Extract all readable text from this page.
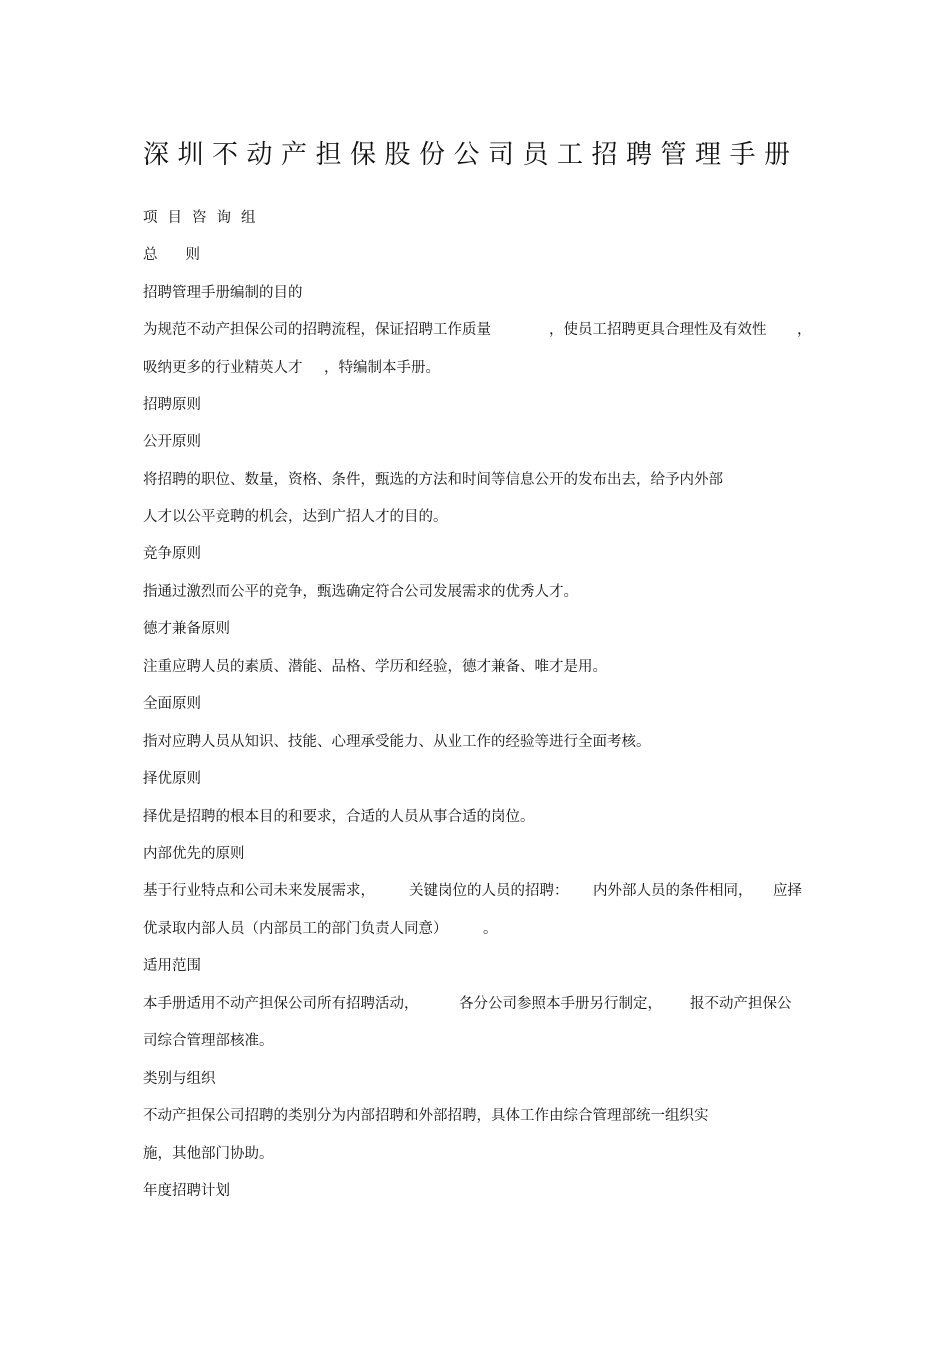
深圳不动产担保股份公司员工招聘管理手册
项目咨询组
总则
招聘管理手册编制的目的
为规范不动产担保公司的招聘流程，保证招聘工作质量	，使员工招聘更具合理性及有效性 ，
吸纳更多的行业精英人才 ，特编制本手册。
招聘原则
公开原则
将招聘的职位、数量，资格、条件，甄选的方法和时间等信息公开的发布出去，给予内外部
人才以公平竞聘的机会，达到广招人才的目的。
竞争原则
指通过激烈而公平的竞争，甄选确定符合公司发展需求的优秀人才。
德才兼备原则
注重应聘人员的素质、潜能、品格、学历和经验，德才兼备、唯才是用。
全面原则
指对应聘人员从知识、技能、心理承受能力、从业工作的经验等进行全面考核。
择优原则
择优是招聘的根本目的和要求，合适的人员从事合适的岗位。
内部优先的原则
基于行业特点和公司未来发展需求， 关键岗位的人员的招聘： 内外部人员的条件相同， 应择
优录取内部人员（内部员工的部门负责人同意） 。
适用范围
本手册适用不动产担保公司所有招聘活动，	各分公司参照本手册另行制定， 报不动产担保公
司综合管理部核准。
类别与组织
不动产担保公司招聘的类别分为内部招聘和外部招聘，具体工作由综合管理部统一组织实
施，其他部门协助。
年度招聘计划
